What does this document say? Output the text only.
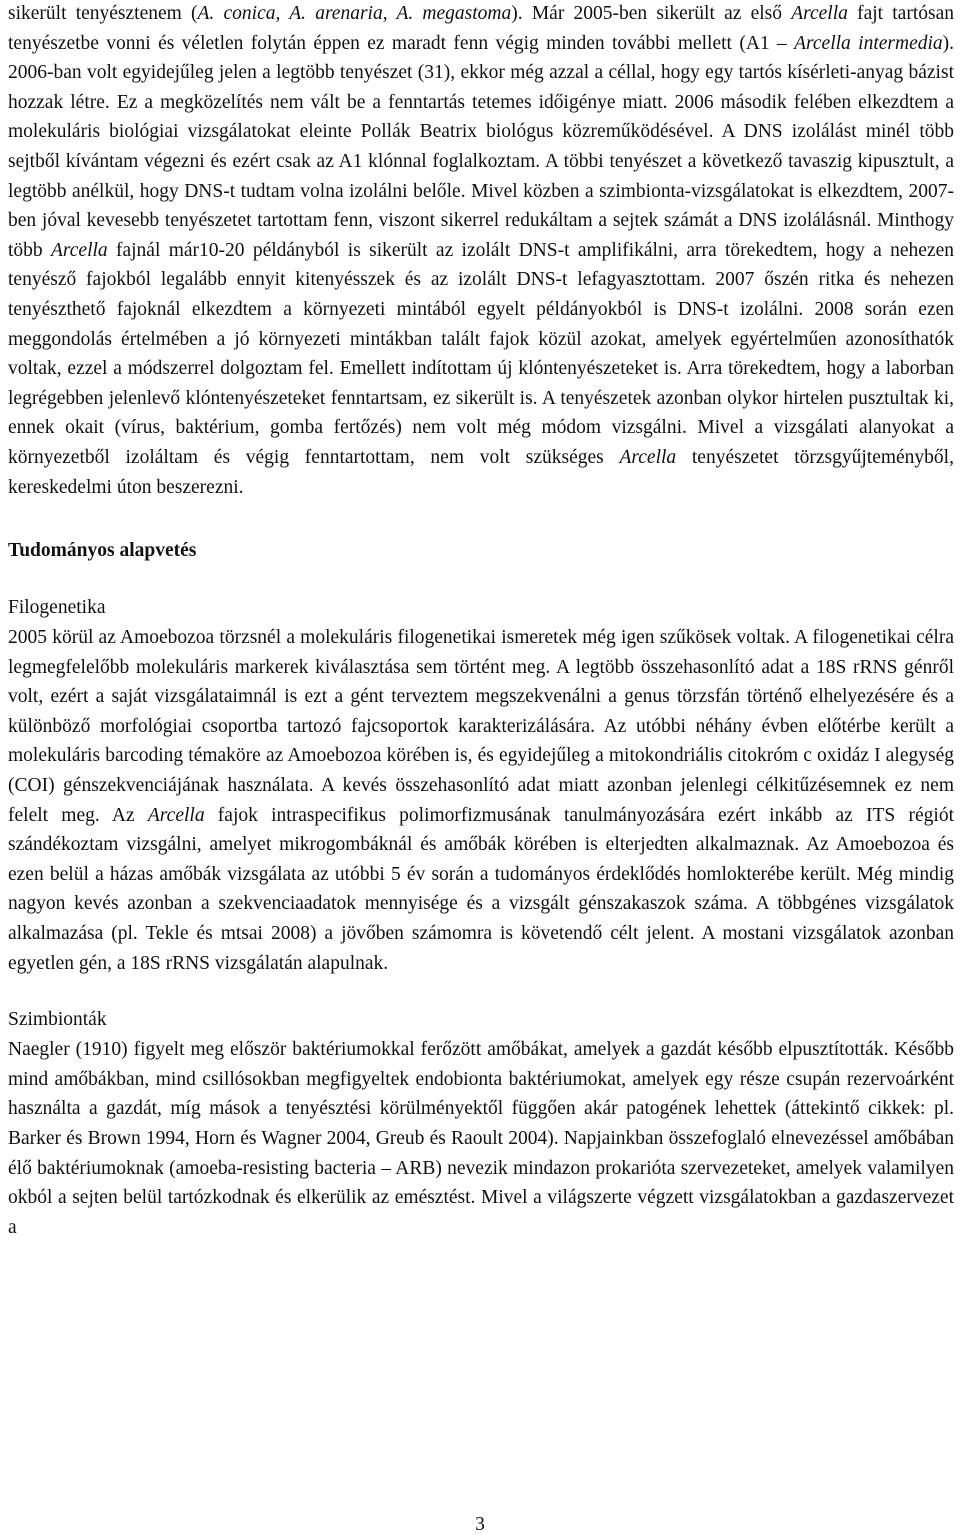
sikerült tenyésztenem (A. conica, A. arenaria, A. megastoma). Már 2005-ben sikerült az első Arcella fajt tartósan tenyészetbe vonni és véletlen folytán éppen ez maradt fenn végig minden további mellett (A1 – Arcella intermedia). 2006-ban volt egyidejűleg jelen a legtöbb tenyészet (31), ekkor még azzal a céllal, hogy egy tartós kísérleti-anyag bázist hozzak létre. Ez a megközelítés nem vált be a fenntartás tetemes időigénye miatt. 2006 második felében elkezdtem a molekuláris biológiai vizsgálatokat eleinte Pollák Beatrix biológus közreműködésével. A DNS izolálást minél több sejtből kívántam végezni és ezért csak az A1 klónnal foglalkoztam. A többi tenyészet a következő tavaszig kipusztult, a legtöbb anélkül, hogy DNS-t tudtam volna izolálni belőle. Mivel közben a szimbionta-vizsgálatokat is elkezdtem, 2007-ben jóval kevesebb tenyészetet tartottam fenn, viszont sikerrel redukáltam a sejtek számát a DNS izolálásnál. Minthogy több Arcella fajnál már10-20 példányból is sikerült az izolált DNS-t amplifikálni, arra törekedtem, hogy a nehezen tenyésző fajokból legalább ennyit kitenyésszek és az izolált DNS-t lefagyasztottam. 2007 őszén ritka és nehezen tenyészthető fajoknál elkezdtem a környezeti mintából egyelt példányokból is DNS-t izolálni. 2008 során ezen meggondolás értelmében a jó környezeti mintákban talált fajok közül azokat, amelyek egyértelműen azonosíthatók voltak, ezzel a módszerrel dolgoztam fel. Emellett indítottam új klóntenyészeteket is. Arra törekedtem, hogy a laborban legrégebben jelenlevő klóntenyészeteket fenntartsam, ez sikerült is. A tenyészetek azonban olykor hirtelen pusztultak ki, ennek okait (vírus, baktérium, gomba fertőzés) nem volt még módom vizsgálni. Mivel a vizsgálati alanyokat a környezetből izoláltam és végig fenntartottam, nem volt szükséges Arcella tenyészetet törzsgyűjteményből, kereskedelmi úton beszerezni.

Tudományos alapvetés
Filogenetika

2005 körül az Amoebozoa törzsnél a molekuláris filogenetikai ismeretek még igen szűkösek voltak. A filogenetikai célra legmegfelelőbb molekuláris markerek kiválasztása sem történt meg. A legtöbb összehasonlító adat a 18S rRNS génről volt, ezért a saját vizsgálataimnál is ezt a gént terveztem megszekvenálni a genus törzsfán történő elhelyezésére és a különböző morfológiai csoportba tartozó fajcsoportok karakterizálására. Az utóbbi néhány évben előtérbe került a molekuláris barcoding témaköre az Amoebozoa körében is, és egyidejűleg a mitokondriális citokróm c oxidáz I alegység (COI) génszekvenciájának használata. A kevés összehasonlító adat miatt azonban jelenlegi célkitűzésemnek ez nem felelt meg. Az Arcella fajok intraspecifikus polimorfizmusának tanulmányozására ezért inkább az ITS régiót szándékoztam vizsgálni, amelyet mikrogombáknál és amőbák körében is elterjedten alkalmaznak. Az Amoebozoa és ezen belül a házas amőbák vizsgálata az utóbbi 5 év során a tudományos érdeklődés homlokterébe került. Még mindig nagyon kevés azonban a szekvenciaadatok mennyisége és a vizsgált génszakaszok száma. A többgénes vizsgálatok alkalmazása (pl. Tekle és mtsai 2008) a jövőben számomra is követendő célt jelent. A mostani vizsgálatok azonban egyetlen gén, a 18S rRNS vizsgálatán alapulnak.

Szimbionták

Naegler (1910) figyelt meg először baktériumokkal ferőzött amőbákat, amelyek a gazdát később elpusztították. Később mind amőbákban, mind csillósokban megfigyeltek endobionta baktériumokat, amelyek egy része csupán rezervoárként használta a gazdát, míg mások a tenyésztési körülményektől függően akár patogének lehettek (áttekintő cikkek: pl. Barker és Brown 1994, Horn és Wagner 2004, Greub és Raoult 2004). Napjainkban összefoglaló elnevezéssel amőbában élő baktériumoknak (amoeba-resisting bacteria – ARB) nevezik mindazon prokarióta szervezeteket, amelyek valamilyen okból a sejten belül tartózkodnak és elkerülik az emésztést. Mivel a világszerte végzett vizsgálatokban a gazdaszervezet a

3
